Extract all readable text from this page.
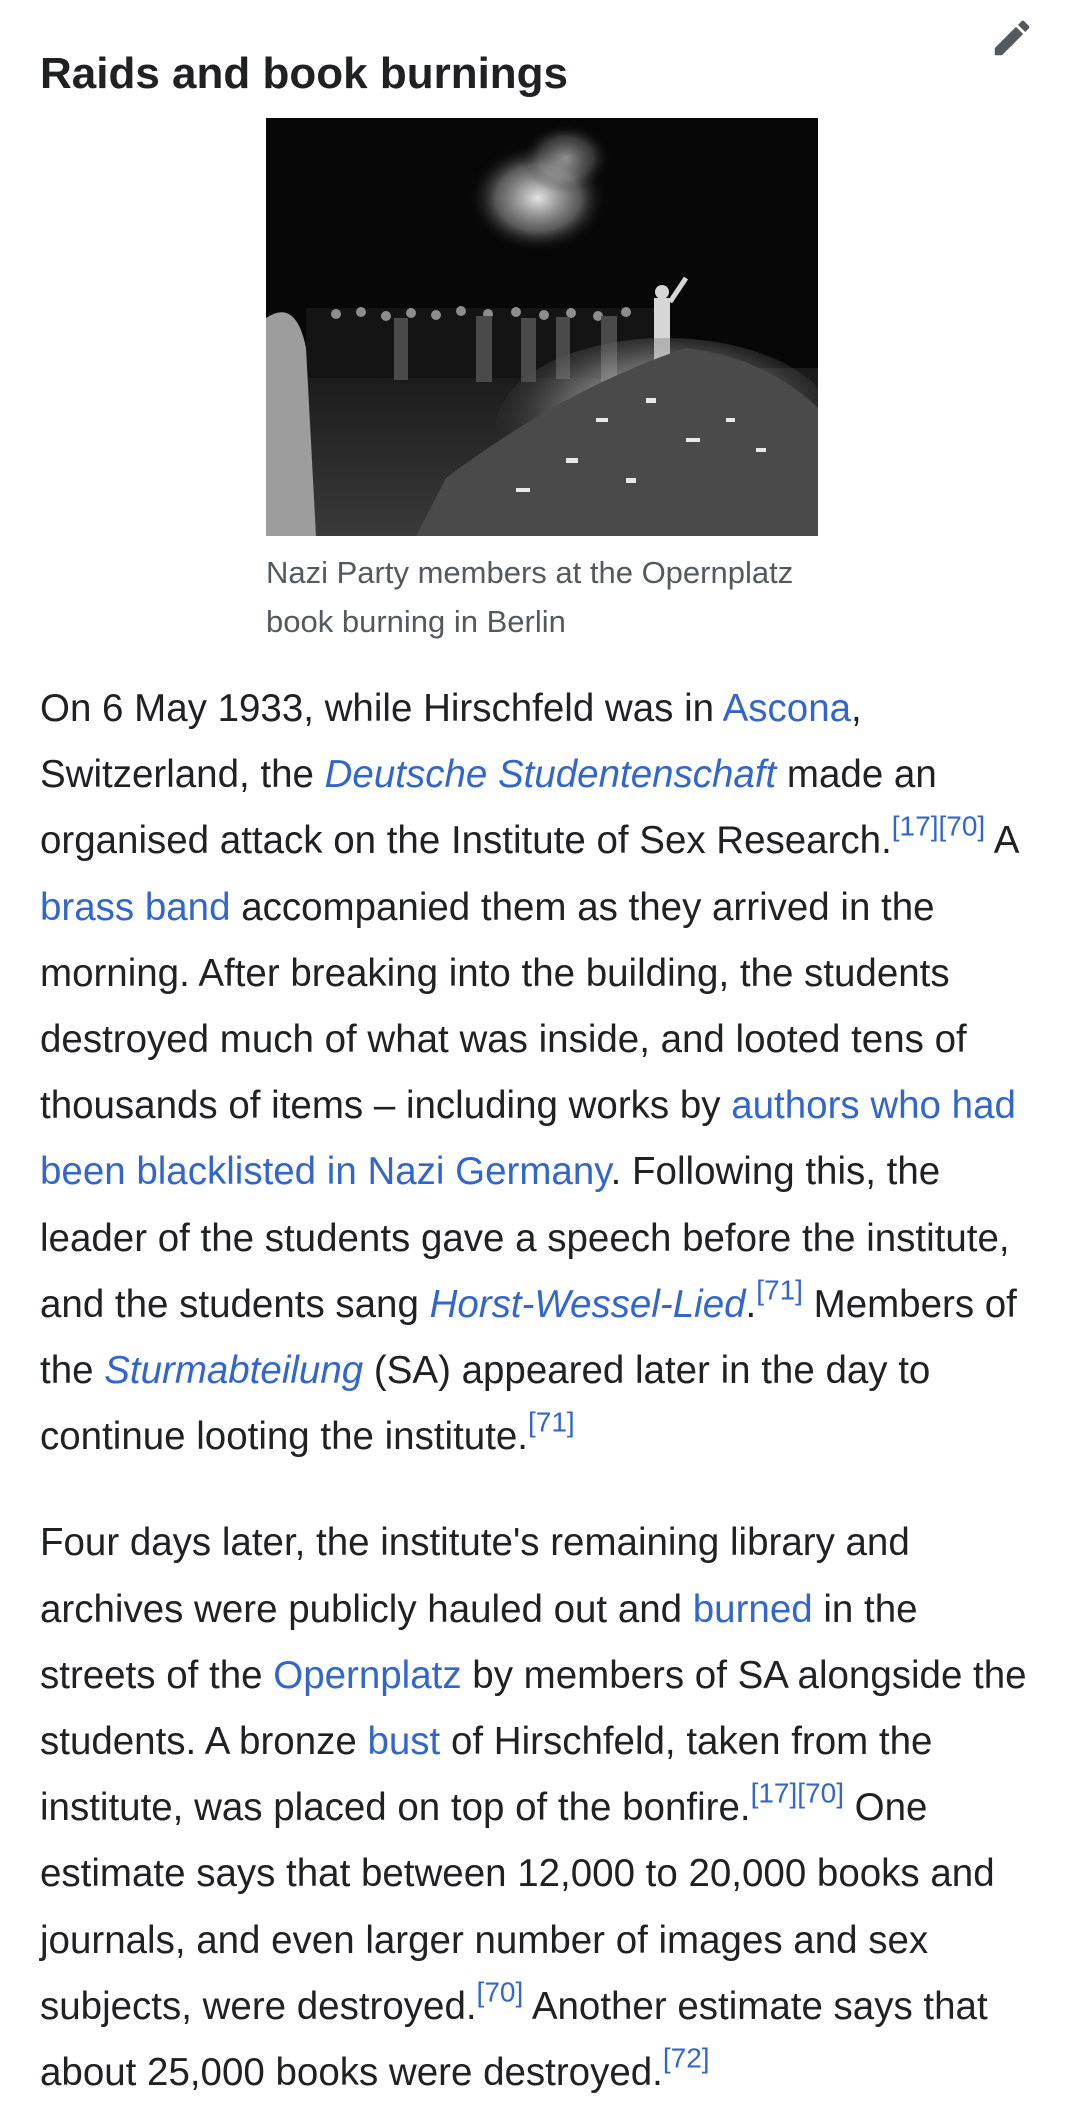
Raids and book burnings
Nazi Party members at the Opernplatz book burning in Berlin

On 6 May 1933, while Hirschfeld was in Ascona, Switzerland, the Deutsche Studentenschaft made an organised attack on the Institute of Sex Research.[17][70] A brass band accompanied them as they arrived in the morning. After breaking into the building, the students destroyed much of what was inside, and looted tens of thousands of items – including works by authors who had been blacklisted in Nazi Germany. Following this, the leader of the students gave a speech before the institute, and the students sang Horst-Wessel-Lied.[71] Members of the Sturmabteilung (SA) appeared later in the day to continue looting the institute.[71]

Four days later, the institute's remaining library and archives were publicly hauled out and burned in the streets of the Opernplatz by members of SA alongside the students. A bronze bust of Hirschfeld, taken from the institute, was placed on top of the bonfire.[17][70] One estimate says that between 12,000 to 20,000 books and journals, and even larger number of images and sex subjects, were destroyed.[70] Another estimate says that about 25,000 books were destroyed.[72]
